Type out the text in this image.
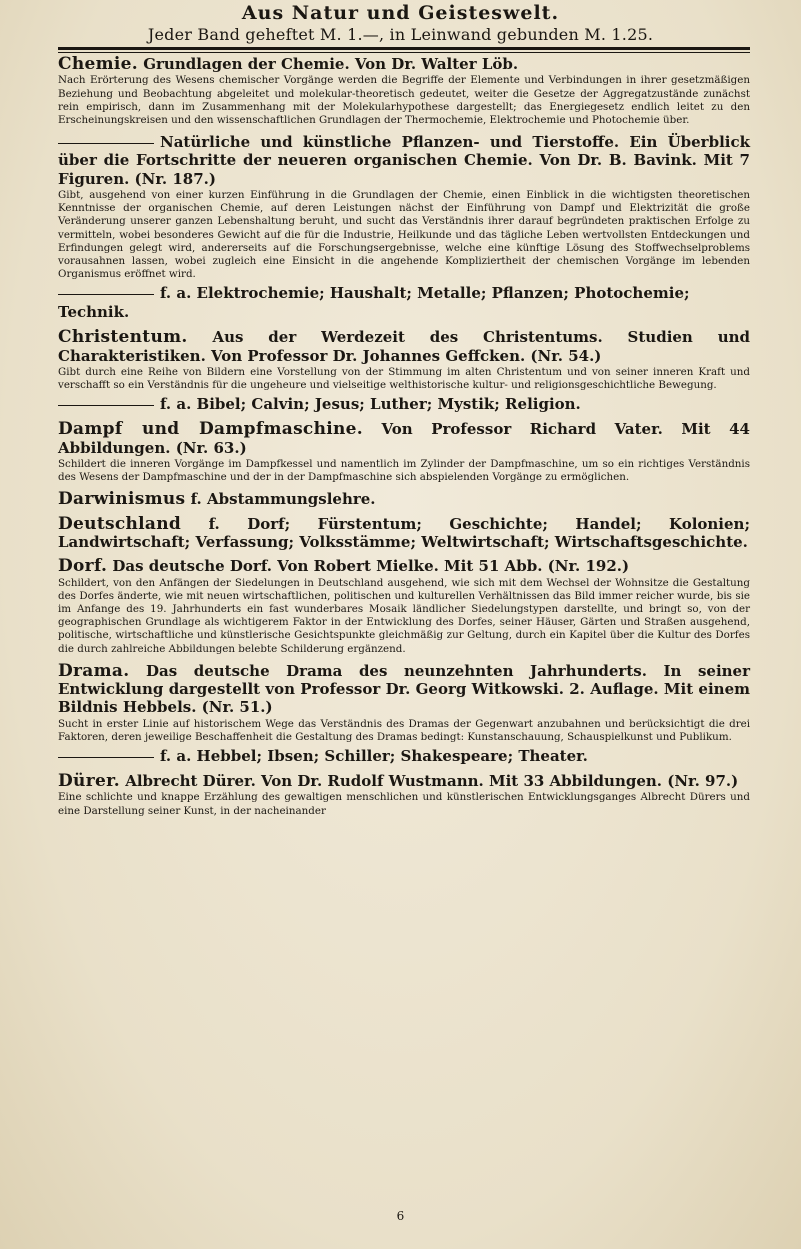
Aus Natur und Geisteswelt.
Jeder Band geheftet M. 1.—, in Leinwand gebunden M. 1.25.

Chemie. Grundlagen der Chemie. Von Dr. Walter Löb.

Nach Erörterung des Wesens chemischer Vorgänge werden die Begriffe der Elemente und Verbindungen in ihrer gesetzmäßigen Beziehung und Beobachtung abgeleitet und molekular-theoretisch gedeutet, weiter die Gesetze der Aggregatzustände zunächst rein empirisch, dann im Zusammenhang mit der Molekularhypothese dargestellt; das Energiegesetz endlich leitet zu den Erscheinungskreisen und den wissenschaftlichen Grundlagen der Thermochemie, Elektrochemie und Photochemie über.

Natürliche und künstliche Pflanzen- und Tierstoffe. Ein Überblick über die Fortschritte der neueren organischen Chemie. Von Dr. B. Bavink. Mit 7 Figuren. (Nr. 187.)

Gibt, ausgehend von einer kurzen Einführung in die Grundlagen der Chemie, einen Einblick in die wichtigsten theoretischen Kenntnisse der organischen Chemie, auf deren Leistungen nächst der Einführung von Dampf und Elektrizität die große Veränderung unserer ganzen Lebenshaltung beruht, und sucht das Verständnis ihrer darauf begründeten praktischen Erfolge zu vermitteln, wobei besonderes Gewicht auf die für die Industrie, Heilkunde und das tägliche Leben wertvollsten Entdeckungen und Erfindungen gelegt wird, andererseits auf die Forschungsergebnisse, welche eine künftige Lösung des Stoffwechselproblems vorausahnen lassen, wobei zugleich eine Einsicht in die angehende Kompliziertheit der chemischen Vorgänge im lebenden Organismus eröffnet wird.

f. a. Elektrochemie; Haushalt; Metalle; Pflanzen; Photochemie; Technik.

Christentum. Aus der Werdezeit des Christentums. Studien und Charakteristiken. Von Professor Dr. Johannes Geffcken. (Nr. 54.)

Gibt durch eine Reihe von Bildern eine Vorstellung von der Stimmung im alten Christentum und von seiner inneren Kraft und verschafft so ein Verständnis für die ungeheure und vielseitige welthistorische kultur- und religionsgeschichtliche Bewegung.

f. a. Bibel; Calvin; Jesus; Luther; Mystik; Religion.

Dampf und Dampfmaschine. Von Professor Richard Vater. Mit 44 Abbildungen. (Nr. 63.)

Schildert die inneren Vorgänge im Dampfkessel und namentlich im Zylinder der Dampfmaschine, um so ein richtiges Verständnis des Wesens der Dampfmaschine und der in der Dampfmaschine sich abspielenden Vorgänge zu ermöglichen.

Darwinismus f. Abstammungslehre.

Deutschland f. Dorf; Fürstentum; Geschichte; Handel; Kolonien; Landwirtschaft; Verfassung; Volksstämme; Weltwirtschaft; Wirtschaftsgeschichte.

Dorf. Das deutsche Dorf. Von Robert Mielke. Mit 51 Abb. (Nr. 192.)

Schildert, von den Anfängen der Siedelungen in Deutschland ausgehend, wie sich mit dem Wechsel der Wohnsitze die Gestaltung des Dorfes änderte, wie mit neuen wirtschaftlichen, politischen und kulturellen Verhältnissen das Bild immer reicher wurde, bis sie im Anfange des 19. Jahrhunderts ein fast wunderbares Mosaik ländlicher Siedelungstypen darstellte, und bringt so, von der geographischen Grundlage als wichtigerem Faktor in der Entwicklung des Dorfes, seiner Häuser, Gärten und Straßen ausgehend, politische, wirtschaftliche und künstlerische Gesichtspunkte gleichmäßig zur Geltung, durch ein Kapitel über die Kultur des Dorfes die durch zahlreiche Abbildungen belebte Schilderung ergänzend.

Drama. Das deutsche Drama des neunzehnten Jahrhunderts. In seiner Entwicklung dargestellt von Professor Dr. Georg Witkowski. 2. Auflage. Mit einem Bildnis Hebbels. (Nr. 51.)

Sucht in erster Linie auf historischem Wege das Verständnis des Dramas der Gegenwart anzubahnen und berücksichtigt die drei Faktoren, deren jeweilige Beschaffenheit die Gestaltung des Dramas bedingt: Kunstanschauung, Schauspielkunst und Publikum.

f. a. Hebbel; Ibsen; Schiller; Shakespeare; Theater.

Dürer. Albrecht Dürer. Von Dr. Rudolf Wustmann. Mit 33 Abbildungen. (Nr. 97.)

Eine schlichte und knappe Erzählung des gewaltigen menschlichen und künstlerischen Entwicklungsganges Albrecht Dürers und eine Darstellung seiner Kunst, in der nacheinander

6
